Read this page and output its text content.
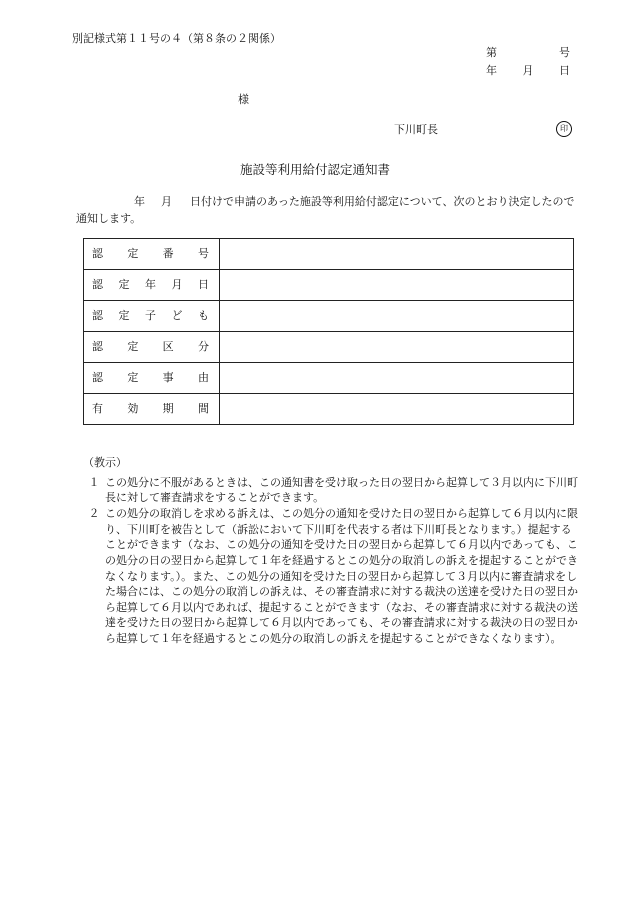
別記様式第１１号の４（第８条の２関係）
第	号
年 月 日
様
下川町長	印
施設等利用給付認定通知書
年 月 日付けで申請のあった施設等利用給付認定について、次のとおり決定したので通知します。
認 定 番 号	

認 定 年 月 日	

認 定 子 ど も	

認 定 区 分	

認 定 事 由	

有 効 期 間	

（教示）
１ この処分に不服があるときは、この通知書を受け取った日の翌日から起算して３月以内に下川町長に対して審査請求をすることができます。
２ この処分の取消しを求める訴えは、この処分の通知を受けた日の翌日から起算して６月以内に限り、下川町を被告として（訴訟において下川町を代表する者は下川町長となります。）提起することができます（なお、この処分の通知を受けた日の翌日から起算して６月以内であっても、この処分の日の翌日から起算して１年を経過するとこの処分の取消しの訴えを提起することができなくなります。）。また、この処分の通知を受けた日の翌日から起算して３月以内に審査請求をした場合には、この処分の取消しの訴えは、その審査請求に対する裁決の送達を受けた日の翌日から起算して６月以内であれば、提起することができます（なお、その審査請求に対する裁決の送達を受けた日の翌日から起算して６月以内であっても、その審査請求に対する裁決の日の翌日から起算して１年を経過するとこの処分の取消しの訴えを提起することができなくなります）。
